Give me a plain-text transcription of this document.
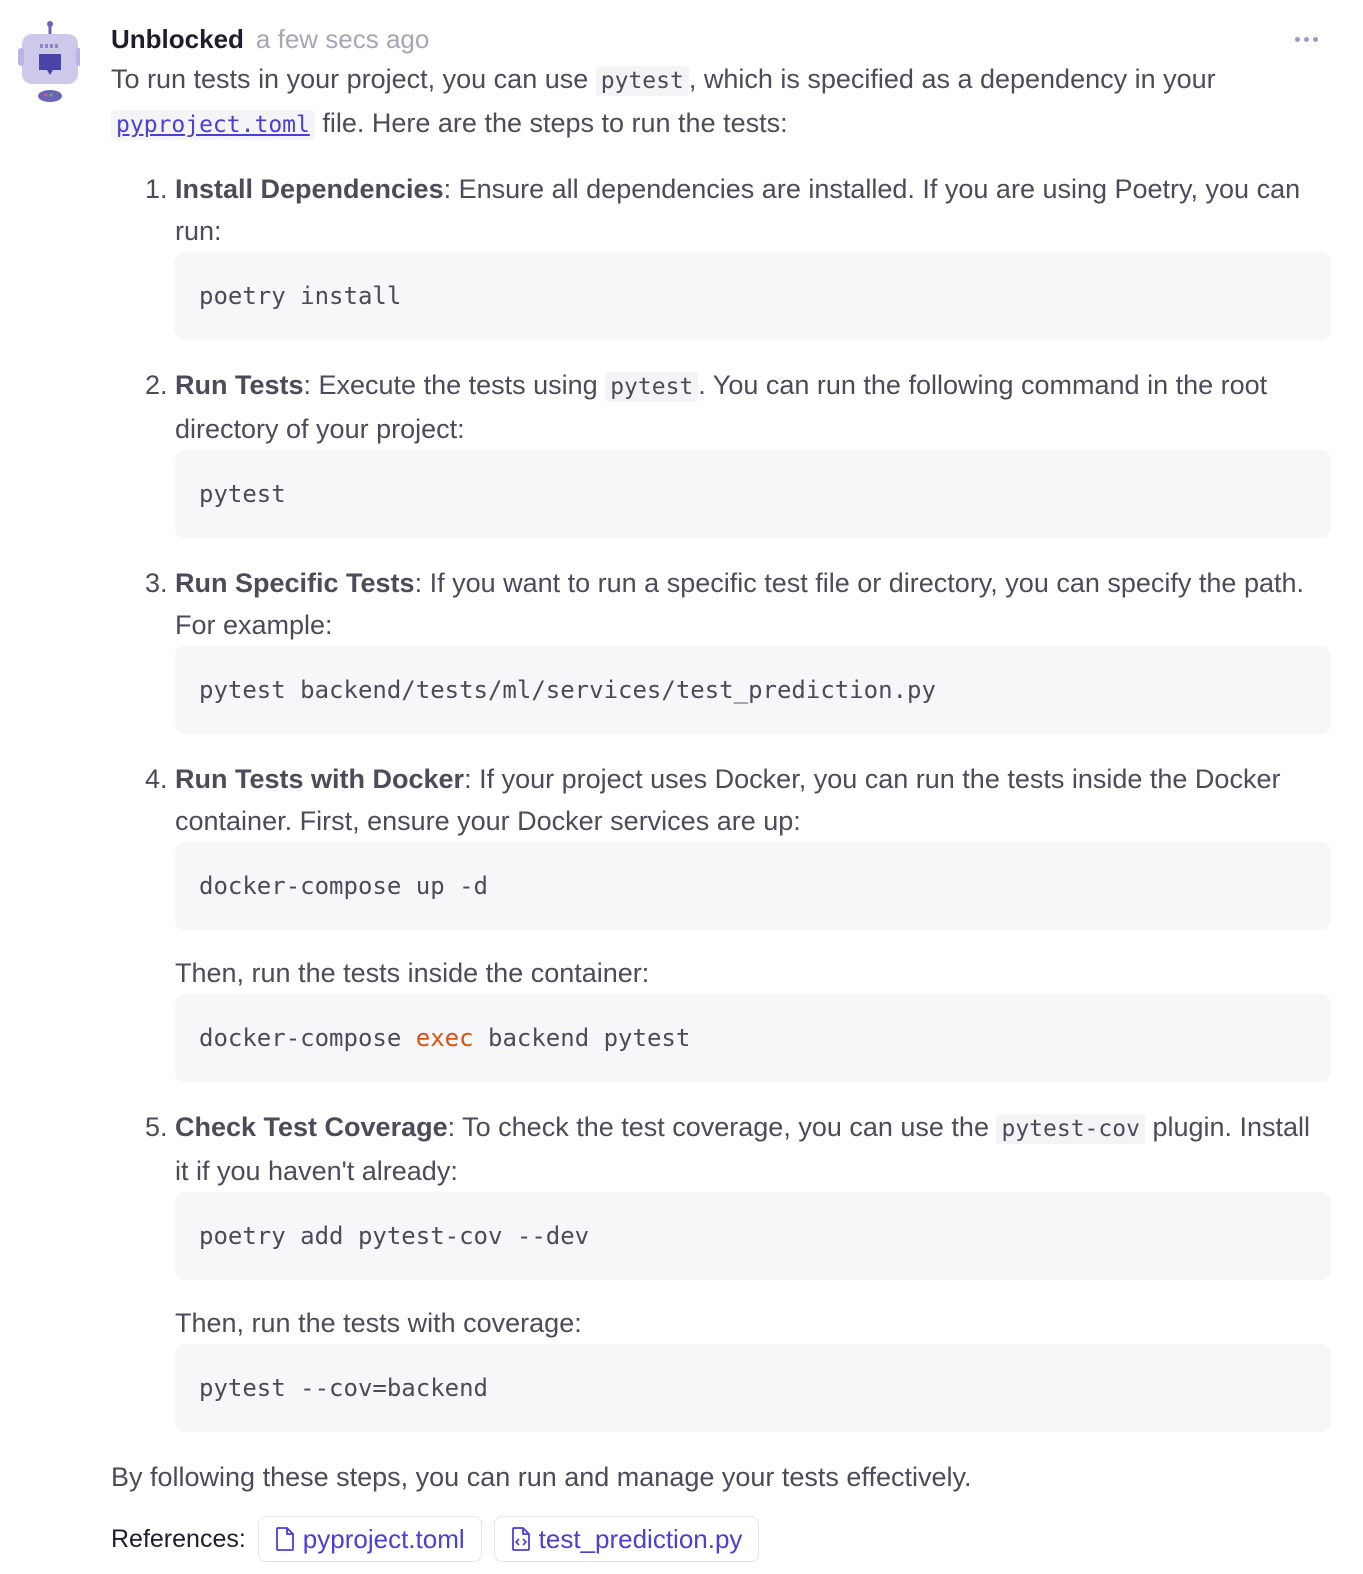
Unblocked a few secs ago

To run tests in your project, you can use pytest , which is specified as a dependency in your pyproject.toml file. Here are the steps to run the tests:

1. Install Dependencies: Ensure all dependencies are installed. If you are using Poetry, you can run:
poetry install
2. Run Tests: Execute the tests using pytest . You can run the following command in the root directory of your project:
pytest
3. Run Specific Tests: If you want to run a specific test file or directory, you can specify the path. For example:
pytest backend/tests/ml/services/test_prediction.py
4. Run Tests with Docker: If your project uses Docker, you can run the tests inside the Docker container. First, ensure your Docker services are up:
docker-compose up -d

Then, run the tests inside the container:

docker-compose exec backend pytest
5. Check Test Coverage: To check the test coverage, you can use the pytest-cov plugin. Install it if you haven't already:
poetry add pytest-cov --dev

Then, run the tests with coverage:

pytest --cov=backend

By following these steps, you can run and manage your tests effectively.

References: pyproject.toml	test_prediction.py
